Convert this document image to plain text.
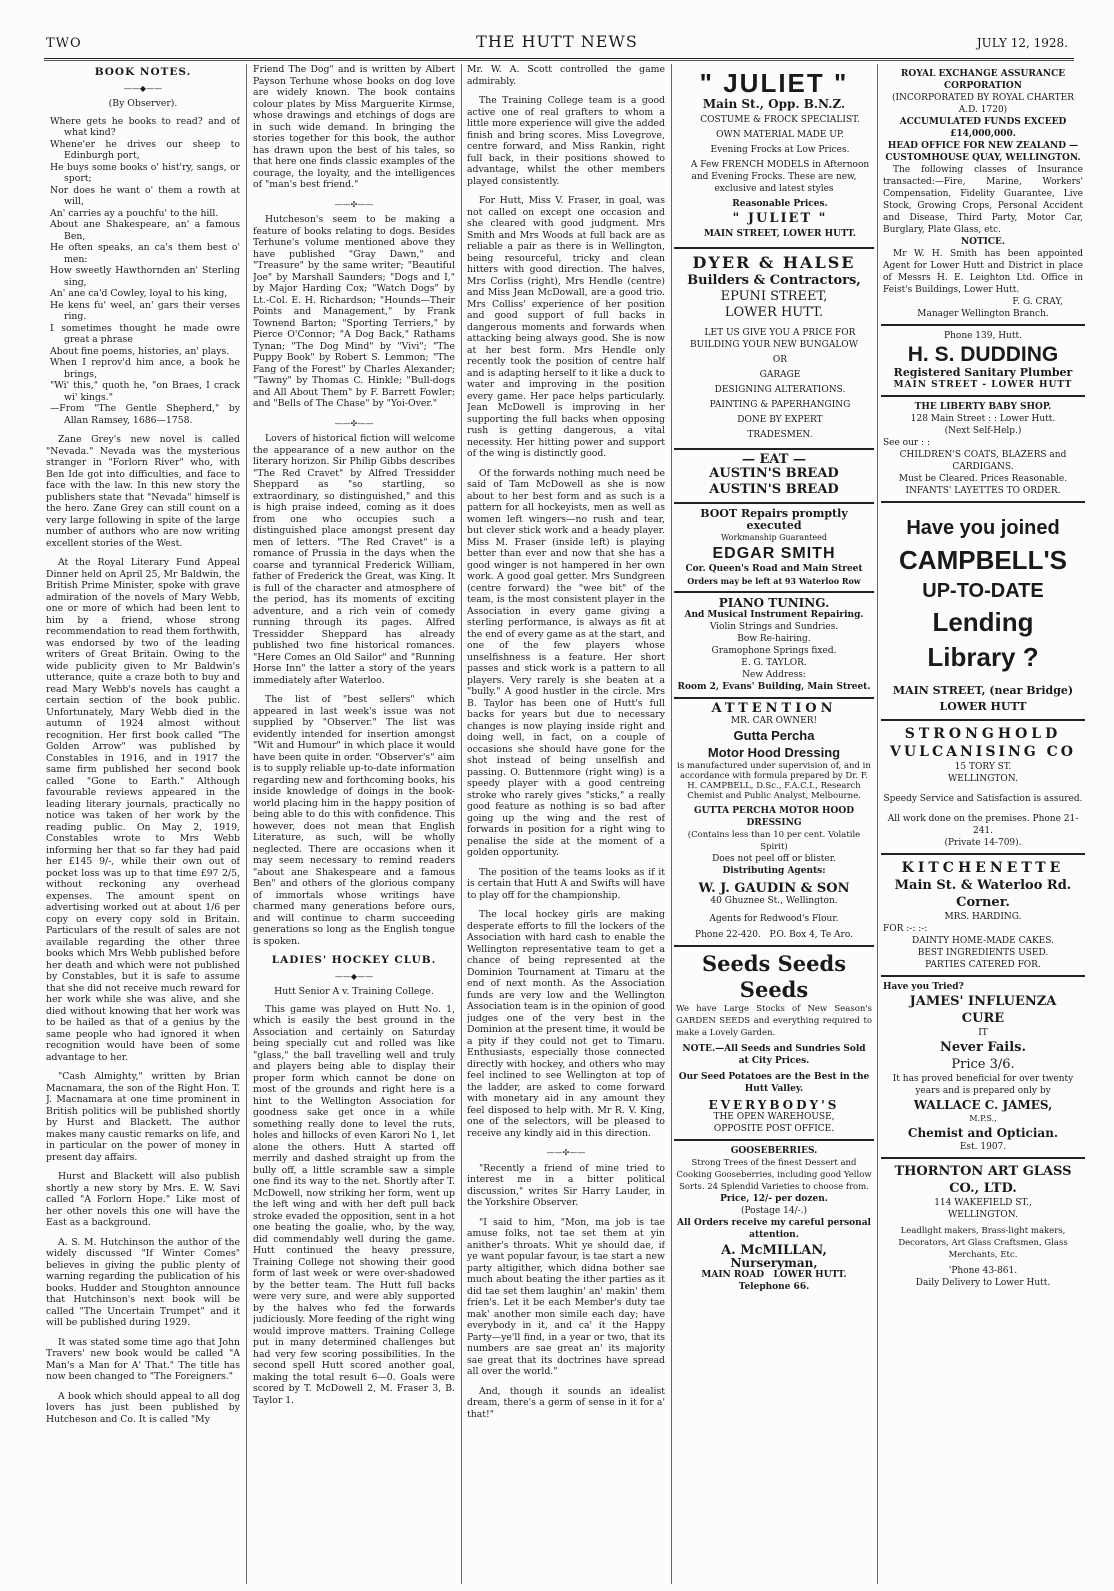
TWO	THE HUTT NEWS	JULY 12, 1928.
BOOK NOTES.
——◆——
(By Observer).
Where gets he books to read? and of what kind?
Whene'er he drives our sheep to Edinburgh port,
He buys some books o' hist'ry, sangs, or sport;
Nor does he want o' them a rowth at will,
An' carries ay a pouchfu' to the hill.
About ane Shakespeare, an' a famous Ben,
He often speaks, an ca's them best o' men:
How sweetly Hawthornden an' Sterling sing,
An' ane ca'd Cowley, loyal to his king,
He kens fu' weel, an' gars their verses ring.
I sometimes thought he made owre great a phrase
About fine poems, histories, an' plays.
When I reprov'd him ance, a book he brings,
"Wi' this," quoth he, "on Braes, I crack wi' kings."
—From "The Gentle Shepherd," by Allan Ramsey, 1686—1758.

Zane Grey's new novel is called "Nevada." Nevada was the mysterious stranger in "Forlorn River" who, with Ben Ide got into difficulties, and face to face with the law. In this new story the publishers state that "Nevada" himself is the hero. Zane Grey can still count on a very large following in spite of the large number of authors who are now writing excellent stories of the West.

At the Royal Literary Fund Appeal Dinner held on April 25, Mr Baldwin, the British Prime Minister, spoke with grave admiration of the novels of Mary Webb, one or more of which had been lent to him by a friend, whose strong recommendation to read them forthwith, was endorsed by two of the leading writers of Great Britain. Owing to the wide publicity given to Mr Baldwin's utterance, quite a craze both to buy and read Mary Webb's novels has caught a certain section of the book public. Unfortunately, Mary Webb died in the autumn of 1924 almost without recognition. Her first book called "The Golden Arrow" was published by Constables in 1916, and in 1917 the same firm published her second book called "Gone to Earth." Although favourable reviews appeared in the leading literary journals, practically no notice was taken of her work by the reading public. On May 2, 1919, Constables wrote to Mrs Webb informing her that so far they had paid her £145 9/-, while their own out of pocket loss was up to that time £97 2/5, without reckoning any overhead expenses. The amount spent on advertising worked out at about 1/6 per copy on every copy sold in Britain. Particulars of the result of sales are not available regarding the other three books which Mrs Webb published before her death and which were not published by Constables, but it is safe to assume that she did not receive much reward for her work while she was alive, and she died without knowing that her work was to be hailed as that of a genius by the same people who had ignored it when recognition would have been of some advantage to her.

"Cash Almighty," written by Brian Macnamara, the son of the Right Hon. T. J. Macnamara at one time prominent in British politics will be published shortly by Hurst and Blackett. The author makes many caustic remarks on life, and in particular on the power of money in present day affairs.

Hurst and Blackett will also publish shortly a new story by Mrs. E. W. Savi called "A Forlorn Hope." Like most of her other novels this one will have the East as a background.

A. S. M. Hutchinson the author of the widely discussed "If Winter Comes" believes in giving the public plenty of warning regarding the publication of his books. Hudder and Stoughton announce that Hutchinson's next book will be called "The Uncertain Trumpet" and it will be published during 1929.

It was stated some time ago that John Travers' new book would be called "A Man's a Man for A' That." The title has now been changed to "The Foreigners."

A book which should appeal to all dog lovers has just been published by Hutcheson and Co. It is called "My

Friend The Dog" and is written by Albert Payson Terhune whose books on dog love are widely known. The book contains colour plates by Miss Marguerite Kirmse, whose drawings and etchings of dogs are in such wide demand. In bringing the stories together for this book, the author has drawn upon the best of his tales, so that here one finds classic examples of the courage, the loyalty, and the intelligences of "man's best friend."

——✣——

Hutcheson's seem to be making a feature of books relating to dogs. Besides Terhune's volume mentioned above they have published "Gray Dawn," and "Treasure" by the same writer; "Beautiful Joe" by Marshall Saunders; "Dogs and I," by Major Harding Cox; "Watch Dogs" by Lt.-Col. E. H. Richardson; "Hounds—Their Points and Management," by Frank Townend Barton; "Sporting Terriers," by Pierce O'Connor; "A Dog Back," Rathams Tynan; "The Dog Mind" by "Vivi"; "The Puppy Book" by Robert S. Lemmon; "The Fang of the Forest" by Charles Alexander; "Tawny" by Thomas C. Hinkle; "Bull-dogs and All About Them" by F. Barrett Fowler; and "Bells of The Chase" by "Yoi-Over."

——✣——

Lovers of historical fiction will welcome the appearance of a new author on the literary horizon. Sir Philip Gibbs describes "The Red Cravet" by Alfred Tressidder Sheppard as "so startling, so extraordinary, so distinguished," and this is high praise indeed, coming as it does from one who occupies such a distinguished place amongst present day men of letters. "The Red Cravet" is a romance of Prussia in the days when the coarse and tyrannical Frederick William, father of Frederick the Great, was King. It is full of the character and atmosphere of the period, has its moments of exciting adventure, and a rich vein of comedy running through its pages. Alfred Tressidder Sheppard has already published two fine historical romances. "Here Comes an Old Sailor" and "Running Horse Inn" the latter a story of the years immediately after Waterloo.

The list of "best sellers" which appeared in last week's issue was not supplied by "Observer." The list was evidently intended for insertion amongst "Wit and Humour" in which place it would have been quite in order. "Observer's" aim is to supply reliable up-to-date information regarding new and forthcoming books, his inside knowledge of doings in the book-world placing him in the happy position of being able to do this with confidence. This however, does not mean that English Literature, as such, will be wholly neglected. There are occasions when it may seem necessary to remind readers "about ane Shakespeare and a famous Ben" and others of the glorious company of immortals whose writings have charmed many generations before ours, and will continue to charm succeeding generations so long as the English tongue is spoken.

LADIES' HOCKEY CLUB.
——◆——
Hutt Senior A v. Training College.

This game was played on Hutt No. 1, which is easily the best ground in the Association and certainly on Saturday being specially cut and rolled was like "glass," the ball travelling well and truly and players being able to display their proper form which cannot be done on most of the grounds and right here is a hint to the Wellington Association for goodness sake get once in a while something really done to level the ruts, holes and hillocks of even Karori No 1, let alone the others. Hutt A started off merrily and dashed straight up from the bully off, a little scramble saw a simple one find its way to the net. Shortly after T. McDowell, now striking her form, went up the left wing and with her deft pull back stroke evaded the opposition, sent in a hot one beating the goalie, who, by the way, did commendably well during the game. Hutt continued the heavy pressure, Training College not showing their good form of last week or were over-shadowed by the better team. The Hutt full backs were very sure, and were ably supported by the halves who fed the forwards judiciously. More feeding of the right wing would improve matters. Training College put in many determined challenges but had very few scoring possibilities. In the second spell Hutt scored another goal, making the total result 6—0. Goals were scored by T. McDowell 2, M. Fraser 3, B. Taylor 1.

Mr. W. A. Scott controlled the game admirably.

The Training College team is a good active one of real grafters to whom a little more experience will give the added finish and bring scores. Miss Lovegrove, centre forward, and Miss Rankin, right full back, in their positions showed to advantage, whilst the other members played consistently.

For Hutt, Miss V. Fraser, in goal, was not called on except one occasion and she cleared with good judgment. Mrs Smith and Mrs Woods at full back are as reliable a pair as there is in Wellington, being resourceful, tricky and clean hitters with good direction. The halves, Mrs Corliss (right), Mrs Hendle (centre) and Miss Jean McDowall, are a good trio. Mrs Colliss' experience of her position and good support of full backs in dangerous moments and forwards when attacking being always good. She is now at her best form. Mrs Hendle only recently took the position of centre half and is adapting herself to it like a duck to water and improving in the position every game. Her pace helps particularly. Jean McDowell is improving in her supporting the full backs when opposing rush is getting dangerous, a vital necessity. Her hitting power and support of the wing is distinctly good.

Of the forwards nothing much need be said of Tam McDowell as she is now about to her best form and as such is a pattern for all hockeyists, men as well as women left wingers—no rush and tear, but clever stick work and a heady player. Miss M. Fraser (inside left) is playing better than ever and now that she has a good winger is not hampered in her own work. A good goal getter. Mrs Sundgreen (centre forward) the "wee bit" of the team, is the most consistent player in the Association in every game giving a sterling performance, is always as fit at the end of every game as at the start, and one of the few players whose unselfishness is a feature. Her short passes and stick work is a pattern to all players. Very rarely is she beaten at a "bully." A good hustler in the circle. Mrs B. Taylor has been one of Hutt's full backs for years but due to necessary changes is now playing inside right and doing well, in fact, on a couple of occasions she should have gone for the shot instead of being unselfish and passing. O. Buttenmore (right wing) is a speedy player with a good centreing stroke who rarely gives "sticks," a really good feature as nothing is so bad after going up the wing and the rest of forwards in position for a right wing to penalise the side at the moment of a golden opportunity.

The position of the teams looks as if it is certain that Hutt A and Swifts will have to play off for the championship.

The local hockey girls are making desperate efforts to fill the lockers of the Association with hard cash to enable the Wellington representative team to get a chance of being represented at the Dominion Tournament at Timaru at the end of next month. As the Association funds are very low and the Wellington Association team is in the opinion of good judges one of the very best in the Dominion at the present time, it would be a pity if they could not get to Timaru. Enthusiasts, especially those connected directly with hockey, and others who may feel inclined to see Wellington at top of the ladder, are asked to come forward with monetary aid in any amount they feel disposed to help with. Mr R. V. King, one of the selectors, will be pleased to receive any kindly aid in this direction.

——✣——

"Recently a friend of mine tried to interest me in a bitter political discussion," writes Sir Harry Lauder, in the Yorkshire Observer.

"I said to him, "Mon, ma job is tae amuse folks, not tae set them at yin anither's throats. Whit ye should dae, if ye want popular favour, is tae start a new party altigither, which didna bother sae much about beating the ither parties as it did tae set them laughin' an' makin' them frien's. Let it be each Member's duty tae mak' another mon simile each day; have everybody in it, and ca' it the Happy Party—ye'll find, in a year or two, that its numbers are sae great an' its majority sae great that its doctrines have spread all over the world."

And, though it sounds an idealist dream, there's a germ of sense in it for a' that!"

" JULIET "
Main St., Opp. B.N.Z.

COSTUME & FROCK SPECIALIST.

OWN MATERIAL MADE UP.

Evening Frocks at Low Prices.

A Few FRENCH MODELS in Afternoon and Evening Frocks. These are new, exclusive and latest styles

Reasonable Prices.

" JULIET "

MAIN STREET, LOWER HUTT.

DYER & HALSE
Builders & Contractors,
EPUNI STREET,
LOWER HUTT.

LET US GIVE YOU A PRICE FOR BUILDING YOUR NEW BUNGALOW

OR

GARAGE

DESIGNING ALTERATIONS.

PAINTING & PAPERHANGING

DONE BY EXPERT

TRADESMEN.

— EAT —
AUSTIN'S BREAD
AUSTIN'S BREAD
BOOT Repairs promptly executed
Workmanship Guaranteed
EDGAR SMITH
Cor. Queen's Road and Main Street
Orders may be left at 93 Waterloo Row
PIANO TUNING.
And Musical Instrument Repairing.
Violin Strings and Sundries.
Bow Re-hairing.
Gramophone Springs fixed.
E. G. TAYLOR.
New Address:
Room 2, Evans' Building, Main Street.
ATTENTION
MR. CAR OWNER!
Gutta Percha
Motor Hood Dressing
is manufactured under supervision of, and in accordance with formula prepared by Dr. F. H. CAMPBELL, D.Sc., F.A.C.I., Research Chemist and Public Analyst, Melbourne.
GUTTA PERCHA MOTOR HOOD DRESSING
(Contains less than 10 per cent. Volatile Spirit)
Does not peel off or blister.
Distributing Agents:
W. J. GAUDIN & SON
40 Ghuznee St., Wellington.
Agents for Redwood's Flour.
Phone 22-420. P.O. Box 4, Te Aro.
Seeds Seeds Seeds
We have Large Stocks of New Season's GARDEN SEEDS and everything required to make a Lovely Garden.
NOTE.—All Seeds and Sundries Sold at City Prices.
Our Seed Potatoes are the Best in the Hutt Valley.
EVERYBODY'S
THE OPEN WAREHOUSE,
OPPOSITE POST OFFICE.
GOOSEBERRIES.
Strong Trees of the finest Dessert and Cooking Gooseberries, including good Yellow Sorts. 24 Splendid Varieties to choose from.
Price, 12/- per dozen.
(Postage 14/-.)
All Orders receive my careful personal attention.
A. McMILLAN,
Nurseryman,
MAIN ROAD LOWER HUTT.
Telephone 66.
ROYAL EXCHANGE ASSURANCE CORPORATION
(INCORPORATED BY ROYAL CHARTER A.D. 1720)
ACCUMULATED FUNDS EXCEED £14,000,000.
HEAD OFFICE FOR NEW ZEALAND —CUSTOMHOUSE QUAY, WELLINGTON.
The following classes of Insurance transacted:—Fire, Marine, Workers' Compensation, Fidelity Guarantee, Live Stock, Growing Crops, Personal Accident and Disease, Third Party, Motor Car, Burglary, Plate Glass, etc.
NOTICE.
Mr W. H. Smith has been appointed Agent for Lower Hutt and District in place of Messrs H. E. Leighton Ltd. Office in Feist's Buildings, Lower Hutt.
F. G. CRAY,
Manager Wellington Branch.
Phone 139, Hutt.
H. S. DUDDING
Registered Sanitary Plumber
MAIN STREET - LOWER HUTT
THE LIBERTY BABY SHOP.
128 Main Street : : Lower Hutt.
(Next Self-Help.)
See our : :
CHILDREN'S COATS, BLAZERS and CARDIGANS.
Must be Cleared. Prices Reasonable.
INFANTS' LAYETTES TO ORDER.
Have you joined
CAMPBELL'S
UP-TO-DATE
Lending
Library ?
MAIN STREET, (near Bridge)
LOWER HUTT
STRONGHOLD
VULCANISING CO
15 TORY ST.
WELLINGTON.
Speedy Service and Satisfaction is assured.
All work done on the premises. Phone 21-241.
(Private 14-709).
KITCHENETTE
Main St. & Waterloo Rd.
Corner.
MRS. HARDING.
FOR :-: :-:
DAINTY HOME-MADE CAKES.
BEST INGREDIENTS USED.
PARTIES CATERED FOR.
Have you Tried?
JAMES' INFLUENZA
CURE
IT
Never Fails.
Price 3/6.
It has proved beneficial for over twenty years and is prepared only by
WALLACE C. JAMES,
M.P.S.,
Chemist and Optician.
Est. 1907.
THORNTON ART GLASS
CO., LTD.
114 WAKEFIELD ST.,
WELLINGTON.
Leadlight makers, Brass-light makers, Decorators, Art Glass Craftsmen, Glass Merchants, Etc.
'Phone 43-861.
Daily Delivery to Lower Hutt.
